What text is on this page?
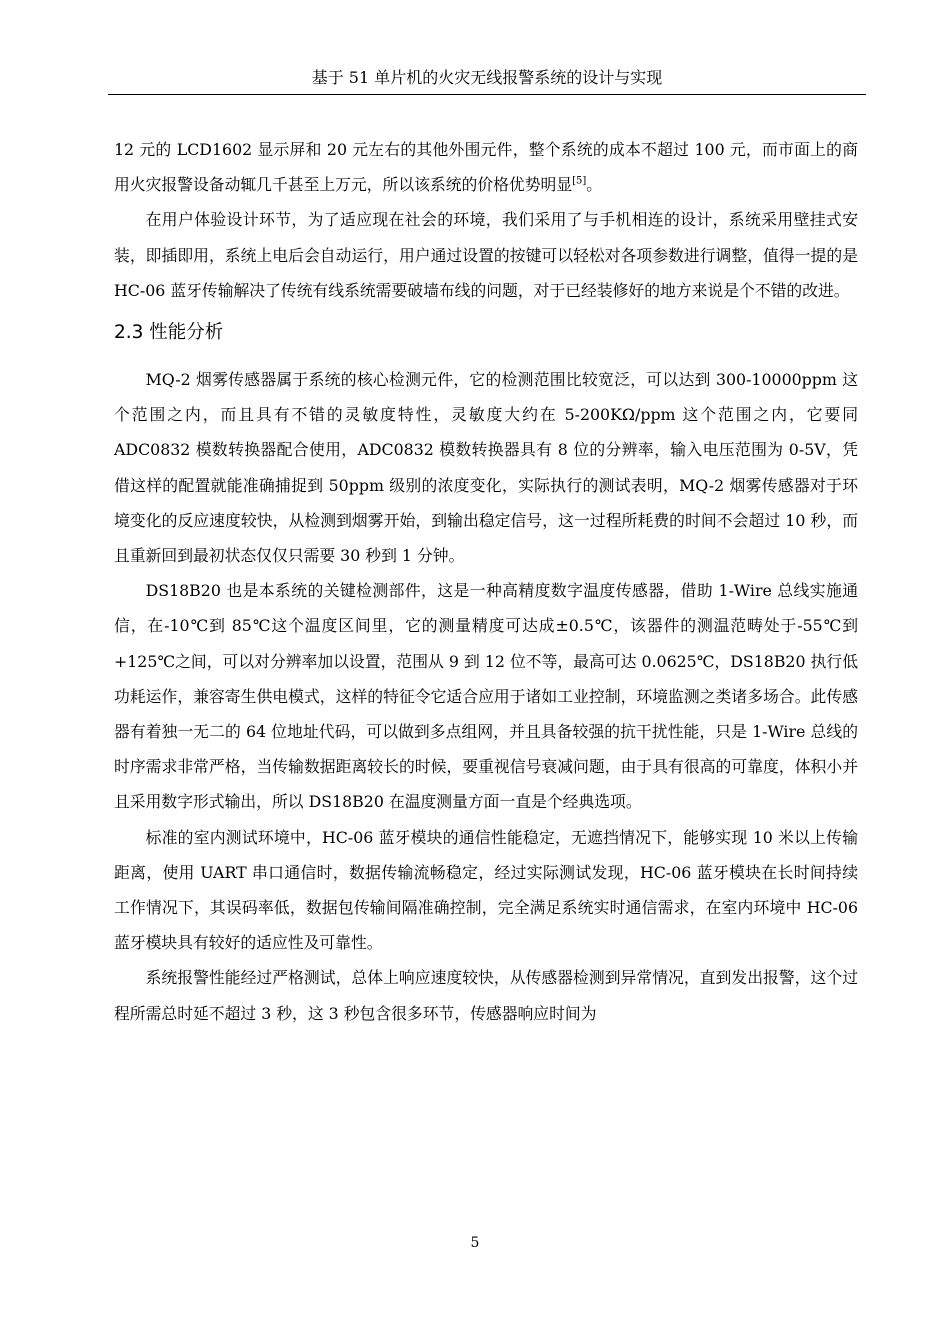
基于 51 单片机的火灾无线报警系统的设计与实现

12 元的 LCD1602 显示屏和 20 元左右的其他外围元件，整个系统的成本不超过 100 元，而市面上的商用火灾报警设备动辄几千甚至上万元，所以该系统的价格优势明显[5]。

在用户体验设计环节，为了适应现在社会的环境，我们采用了与手机相连的设计，系统采用壁挂式安装，即插即用，系统上电后会自动运行，用户通过设置的按键可以轻松对各项参数进行调整，值得一提的是 HC-06 蓝牙传输解决了传统有线系统需要破墙布线的问题，对于已经装修好的地方来说是个不错的改进。

2.3 性能分析

MQ-2 烟雾传感器属于系统的核心检测元件，它的检测范围比较宽泛，可以达到 300-10000ppm 这个范围之内，而且具有不错的灵敏度特性，灵敏度大约在 5-200KΩ/ppm 这个范围之内，它要同 ADC0832 模数转换器配合使用，ADC0832 模数转换器具有 8 位的分辨率，输入电压范围为 0-5V，凭借这样的配置就能准确捕捉到 50ppm 级别的浓度变化，实际执行的测试表明，MQ-2 烟雾传感器对于环境变化的反应速度较快，从检测到烟雾开始，到输出稳定信号，这一过程所耗费的时间不会超过 10 秒，而且重新回到最初状态仅仅只需要 30 秒到 1 分钟。

DS18B20 也是本系统的关键检测部件，这是一种高精度数字温度传感器，借助 1-Wire 总线实施通信，在-10℃到 85℃这个温度区间里，它的测量精度可达成±0.5℃，该器件的测温范畴处于-55℃到+125℃之间，可以对分辨率加以设置，范围从 9 到 12 位不等，最高可达 0.0625℃，DS18B20 执行低功耗运作，兼容寄生供电模式，这样的特征令它适合应用于诸如工业控制，环境监测之类诸多场合。此传感器有着独一无二的 64 位地址代码，可以做到多点组网，并且具备较强的抗干扰性能，只是 1-Wire 总线的时序需求非常严格，当传输数据距离较长的时候，要重视信号衰减问题，由于具有很高的可靠度，体积小并且采用数字形式输出，所以 DS18B20 在温度测量方面一直是个经典选项。

标准的室内测试环境中，HC-06 蓝牙模块的通信性能稳定，无遮挡情况下，能够实现 10 米以上传输距离，使用 UART 串口通信时，数据传输流畅稳定，经过实际测试发现，HC-06 蓝牙模块在长时间持续工作情况下，其误码率低，数据包传输间隔准确控制，完全满足系统实时通信需求，在室内环境中 HC-06 蓝牙模块具有较好的适应性及可靠性。

系统报警性能经过严格测试，总体上响应速度较快，从传感器检测到异常情况，直到发出报警，这个过程所需总时延不超过 3 秒，这 3 秒包含很多环节，传感器响应时间为

5
